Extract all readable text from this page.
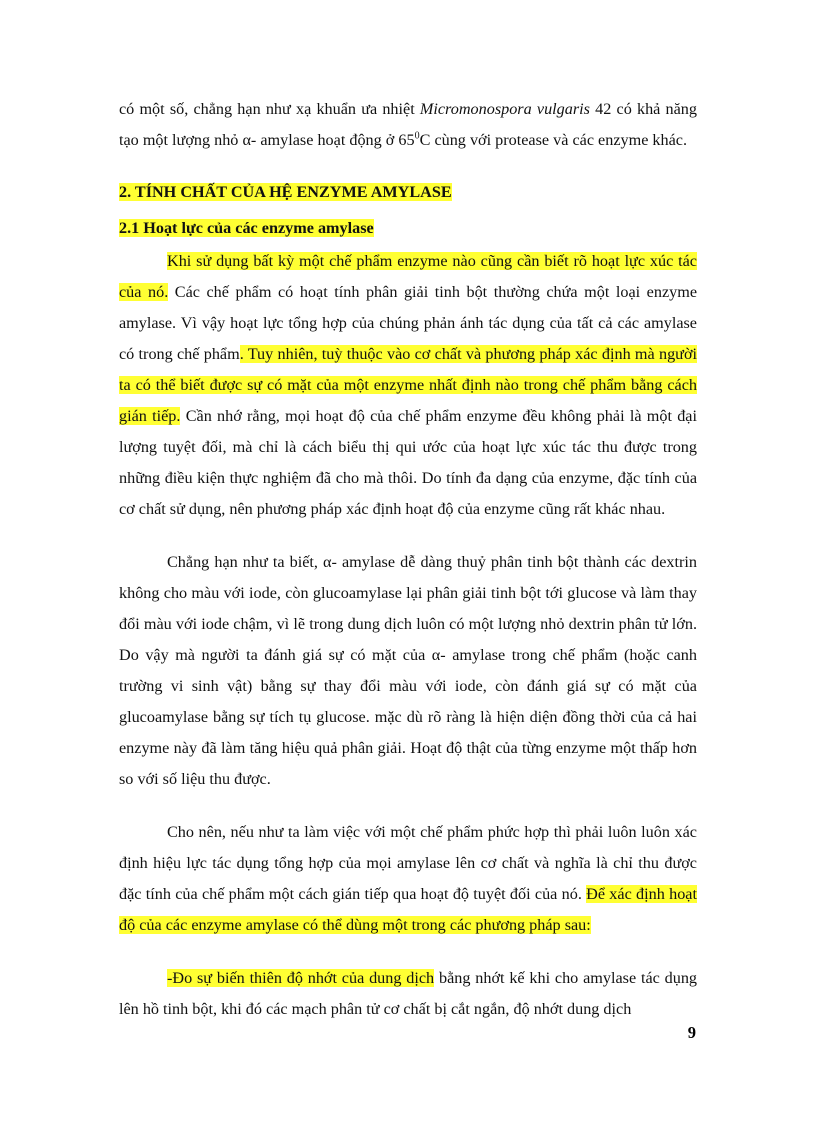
có một số, chẳng hạn như xạ khuẩn ưa nhiệt Micromonospora vulgaris 42 có khả năng tạo một lượng nhỏ α- amylase hoạt động ở $65^0C$ cùng với protease và các enzyme khác.

2. TÍNH CHẤT CỦA HỆ ENZYME AMYLASE
2.1 Hoạt lực của các enzyme amylase

Khi sử dụng bất kỳ một chế phẩm enzyme nào cũng cần biết rõ hoạt lực xúc tác của nó. Các chế phẩm có hoạt tính phân giải tinh bột thường chứa một loại enzyme amylase. Vì vậy hoạt lực tổng hợp của chúng phản ánh tác dụng của tất cả các amylase có trong chế phẩm. Tuy nhiên, tuỳ thuộc vào cơ chất và phương pháp xác định mà người ta có thể biết được sự có mặt của một enzyme nhất định nào trong chế phẩm bằng cách gián tiếp. Cần nhớ rằng, mọi hoạt độ của chế phẩm enzyme đều không phải là một đại lượng tuyệt đối, mà chỉ là cách biểu thị qui ước của hoạt lực xúc tác thu được trong những điều kiện thực nghiệm đã cho mà thôi. Do tính đa dạng của enzyme, đặc tính của cơ chất sử dụng, nên phương pháp xác định hoạt độ của enzyme cũng rất khác nhau.

Chẳng hạn như ta biết, α- amylase dễ dàng thuỷ phân tinh bột thành các dextrin không cho màu với iode, còn glucoamylase lại phân giải tinh bột tới glucose và làm thay đổi màu với iode chậm, vì lẽ trong dung dịch luôn có một lượng nhỏ dextrin phân tử lớn. Do vậy mà người ta đánh giá sự có mặt của α- amylase trong chế phẩm (hoặc canh trường vi sinh vật) bằng sự thay đổi màu với iode, còn đánh giá sự có mặt của glucoamylase bằng sự tích tụ glucose. mặc dù rõ ràng là hiện diện đồng thời của cả hai enzyme này đã làm tăng hiệu quả phân giải. Hoạt độ thật của từng enzyme một thấp hơn so với số liệu thu được.

Cho nên, nếu như ta làm việc với một chế phẩm phức hợp thì phải luôn luôn xác định hiệu lực tác dụng tổng hợp của mọi amylase lên cơ chất và nghĩa là chỉ thu được đặc tính của chế phẩm một cách gián tiếp qua hoạt độ tuyệt đối của nó. Để xác định hoạt độ của các enzyme amylase có thể dùng một trong các phương pháp sau:

-Đo sự biến thiên độ nhớt của dung dịch bằng nhớt kế khi cho amylase tác dụng lên hồ tinh bột, khi đó các mạch phân tử cơ chất bị cắt ngắn, độ nhớt dung dịch

9
